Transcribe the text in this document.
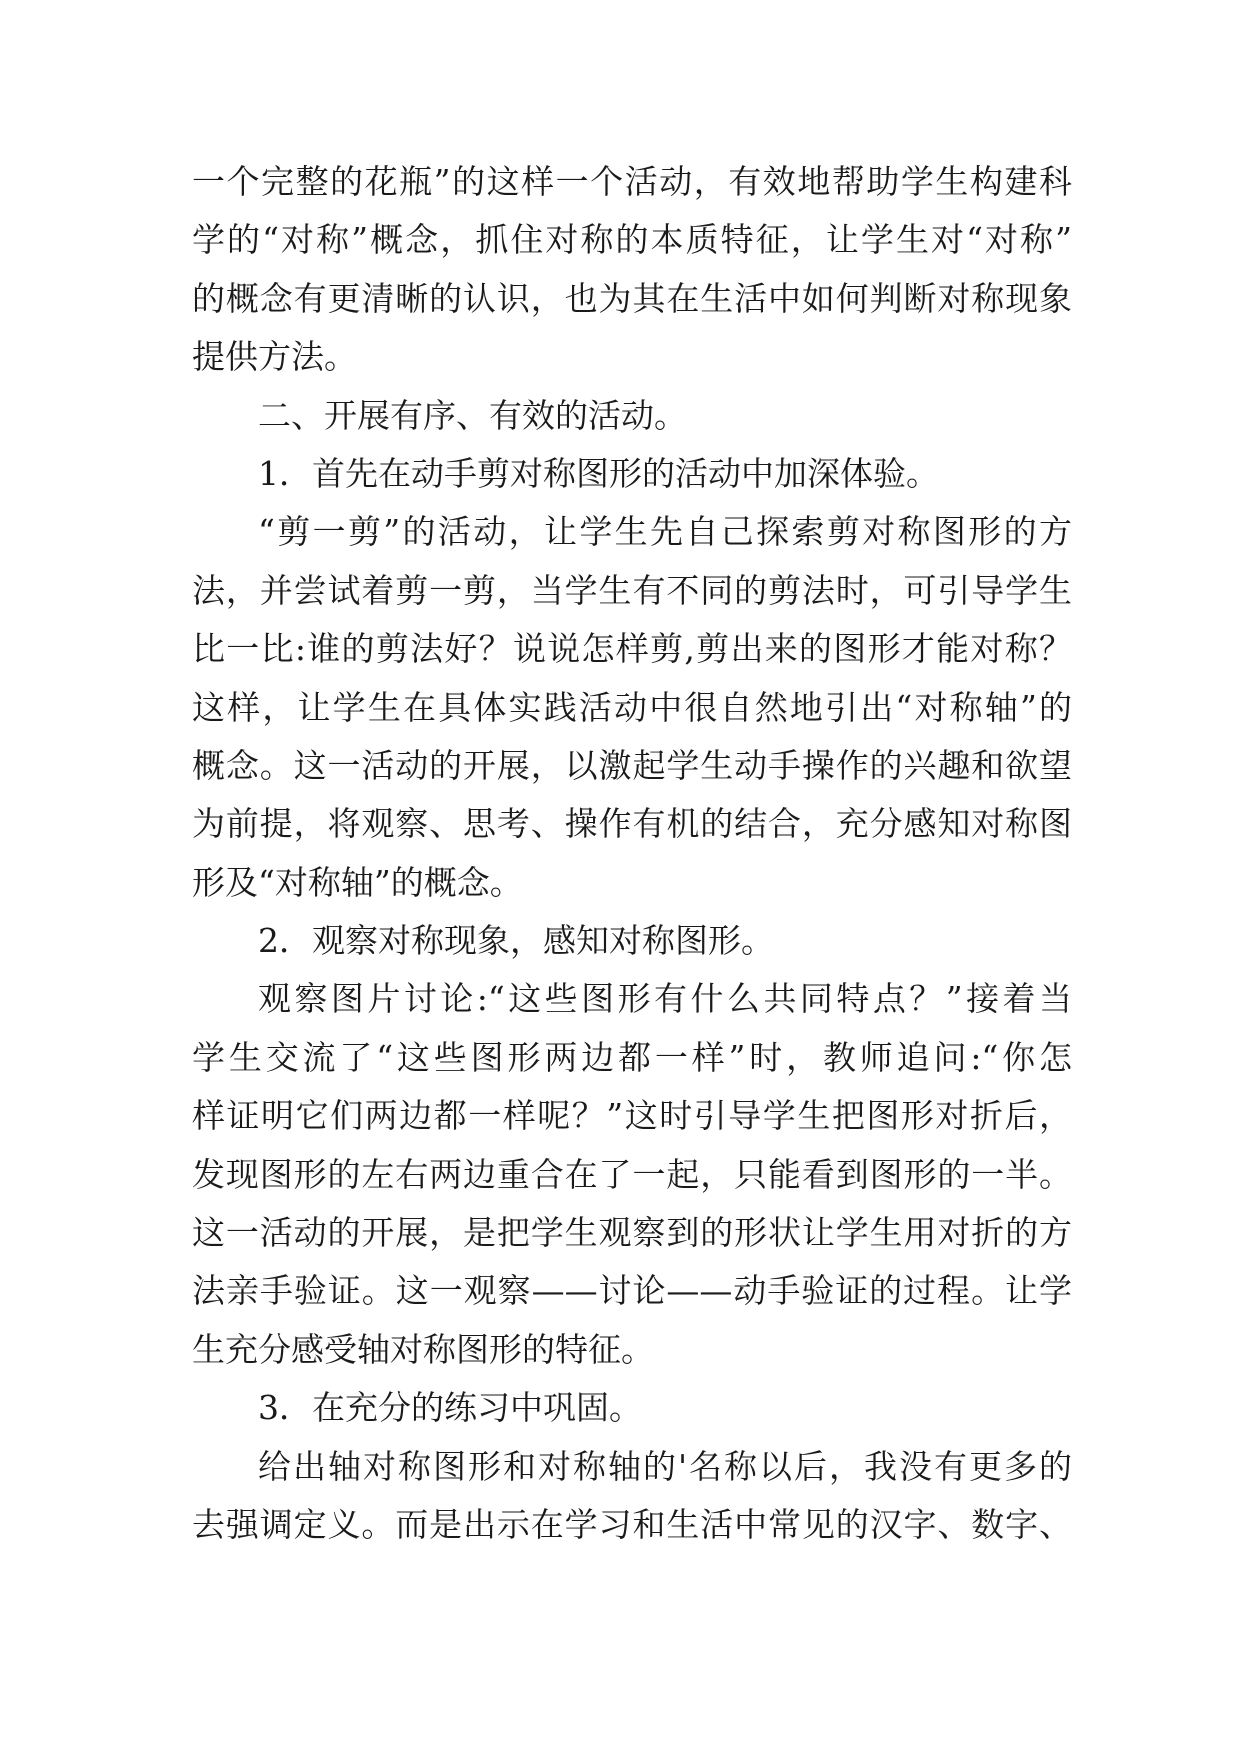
一个完整的花瓶”的这样一个活动，有效地帮助学生构建科
学的“对称”概念，抓住对称的本质特征，让学生对“对称”
的概念有更清晰的认识，也为其在生活中如何判断对称现象
提供方法。
二、开展有序、有效的活动。
1．首先在动手剪对称图形的活动中加深体验。
“剪一剪”的活动，让学生先自己探索剪对称图形的方
法，并尝试着剪一剪，当学生有不同的剪法时，可引导学生
比一比:谁的剪法好？说说怎样剪,剪出来的图形才能对称？
这样，让学生在具体实践活动中很自然地引出“对称轴”的
概念。这一活动的开展，以激起学生动手操作的兴趣和欲望
为前提，将观察、思考、操作有机的结合，充分感知对称图
形及“对称轴”的概念。
2．观察对称现象，感知对称图形。
观察图片讨论:“这些图形有什么共同特点？”接着当
学生交流了“这些图形两边都一样”时，教师追问:“你怎
样证明它们两边都一样呢？”这时引导学生把图形对折后，
发现图形的左右两边重合在了一起，只能看到图形的一半。
这一活动的开展，是把学生观察到的形状让学生用对折的方
法亲手验证。这一观察——讨论——动手验证的过程。让学
生充分感受轴对称图形的特征。
3．在充分的练习中巩固。
给出轴对称图形和对称轴的'名称以后，我没有更多的
去强调定义。而是出示在学习和生活中常见的汉字、数字、
